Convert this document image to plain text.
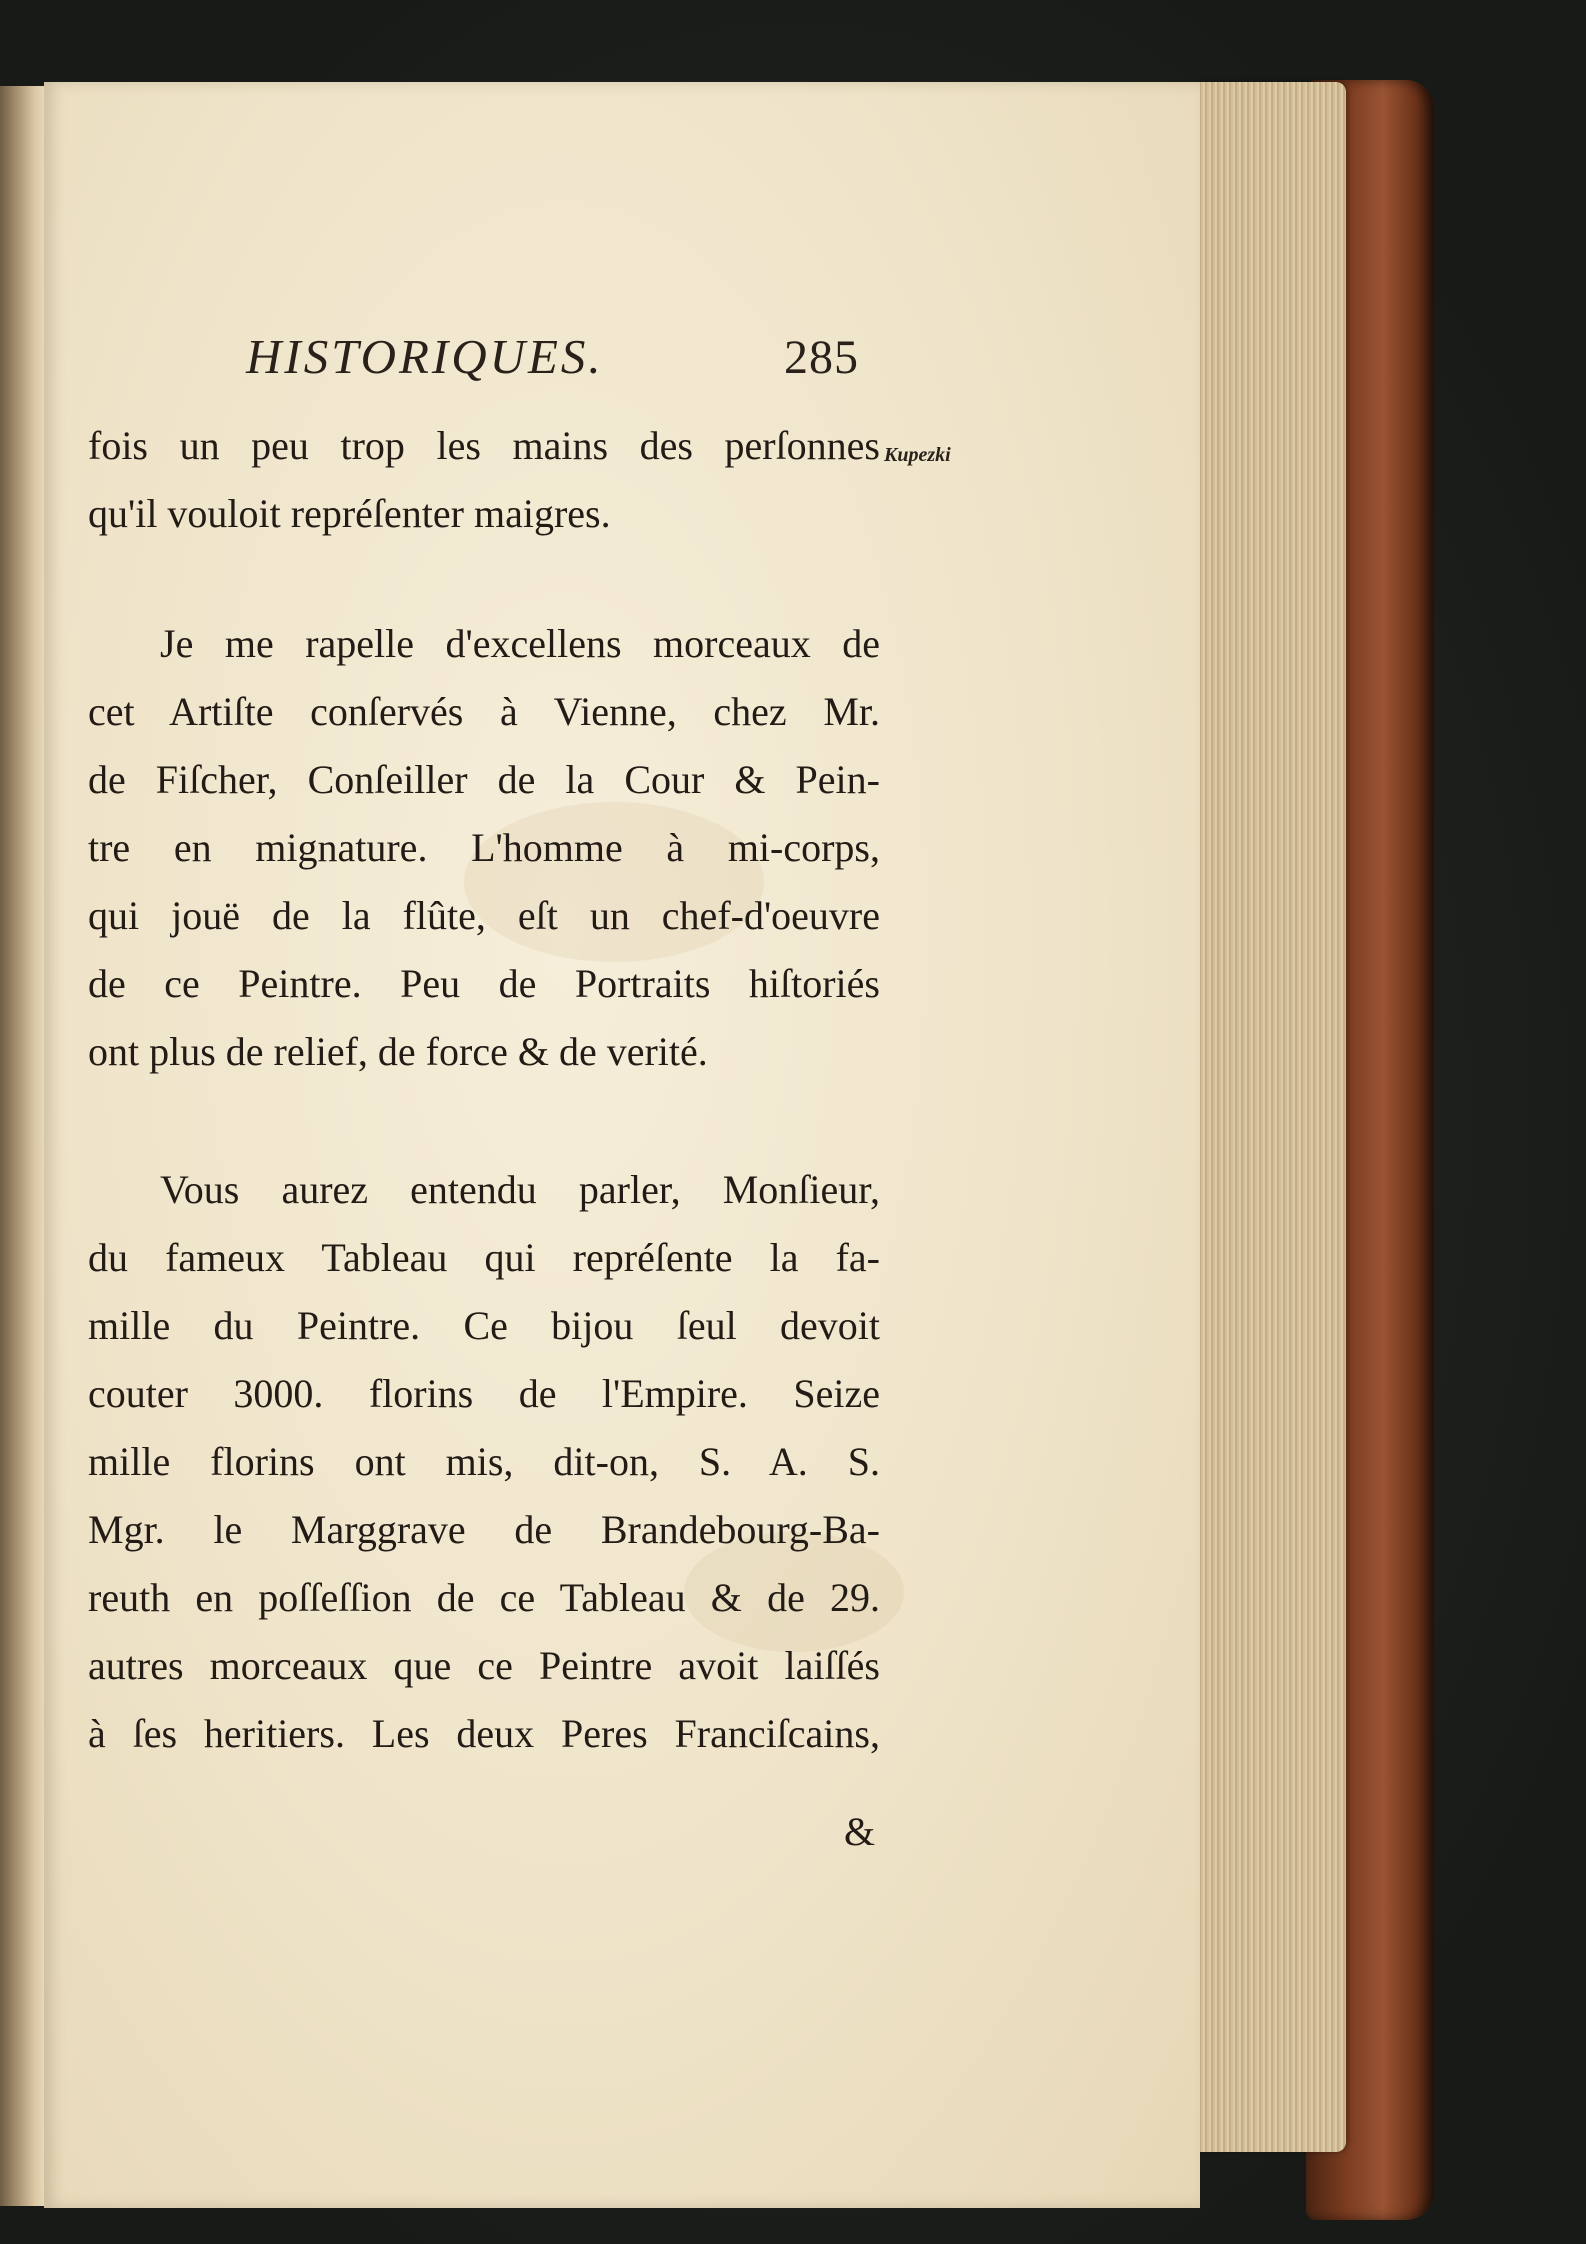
HISTORIQUES.	285
Kupezki
fois un peu trop les mains des perſonnes
qu'il vouloit repréſenter maigres.
Je me rapelle d'excellens morceaux de
cet Artiſte conſervés à Vienne, chez Mr.
de Fiſcher, Conſeiller de la Cour & Pein-
tre en mignature. L'homme à mi-corps,
qui jouë de la flûte, eſt un chef-d'oeuvre
de ce Peintre. Peu de Portraits hiſtoriés
ont plus de relief, de force & de verité.
Vous aurez entendu parler, Monſieur,
du fameux Tableau qui repréſente la fa-
mille du Peintre. Ce bijou ſeul devoit
couter 3000. florins de l'Empire. Seize
mille florins ont mis, dit-on, S. A. S.
Mgr. le Marggrave de Brandebourg-Ba-
reuth en poſſeſſion de ce Tableau & de 29.
autres morceaux que ce Peintre avoit laiſſés
à ſes heritiers. Les deux Peres Franciſcains,
&
